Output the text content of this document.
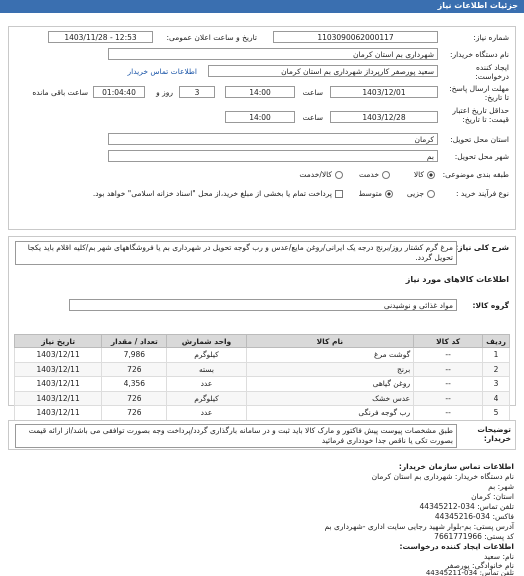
جزئیات اطلاعات نیاز
شماره نیاز:
1103090062000117
تاریخ و ساعت اعلان عمومی:
1403/11/28 - 12:53
نام دستگاه خریدار:
شهرداری بم استان کرمان
ایجاد کننده درخواست:
سعید پورصفر کارپرداز شهرداری بم استان کرمان
اطلاعات تماس خریدار
مهلت ارسال پاسخ: تا تاریخ:
1403/12/01
ساعت
14:00
3
روز و
01:04:40
ساعت باقی مانده
حداقل تاریخ اعتبار قیمت: تا تاریخ:
1403/12/28
ساعت
14:00
استان محل تحویل:
کرمان
شهر محل تحویل:
بم
طبقه بندی موضوعی:
کالا
خدمت
کالا/خدمت
نوع فرآیند خرید :
جزیی
متوسط
پرداخت تمام یا بخشی از مبلغ خرید،از محل "اسناد خزانه اسلامی" خواهد بود.
شرح کلی نیاز:
مرغ گرم کشتار روز/برنج درجه یک ایرانی/روغن مایع/عدس و رب گوجه تحویل در شهرداری بم یا فروشگاههای شهر بم/کلیه اقلام باید یکجا تحویل گردد.
اطلاعات کالاهای مورد نیاز
گروه کالا:
مواد غذائی و نوشیدنی
ردیف	کد کالا	نام کالا	واحد شمارش	تعداد / مقدار	تاریخ نیاز
1	--	گوشت مرغ	کیلوگرم	7,986	1403/12/11
2	--	برنج	بسته	726	1403/12/11
3	--	روغن گیاهی	عدد	4,356	1403/12/11
4	--	عدس خشک	کیلوگرم	726	1403/12/11
5	--	رب گوجه فرنگی	عدد	726	1403/12/11
توضیحات خریدار:
طبق مشخصات پیوست پیش فاکتور و مارک کالا باید ثبت و در سامانه بارگذاری گردد/پرداخت وجه بصورت توافقی می باشد/از ارائه قیمت بصورت تکی یا ناقص جدا خودداری فرمائید
اطلاعات تماس سازمان خریدار:
نام دستگاه خریدار: شهرداری بم استان کرمان
شهر: بم
استان: کرمان
تلفن تماس: 034-44345212
فاکس: 034-44345216
آدرس پستی: بم-بلوار شهید رجایی سایت اداری -شهرداری بم
کد پستی: 7661771966
اطلاعات ایجاد کننده درخواست:
نام: سعید
نام خانوادگی: پورصفر
تلفن تماس: 034-44345211
